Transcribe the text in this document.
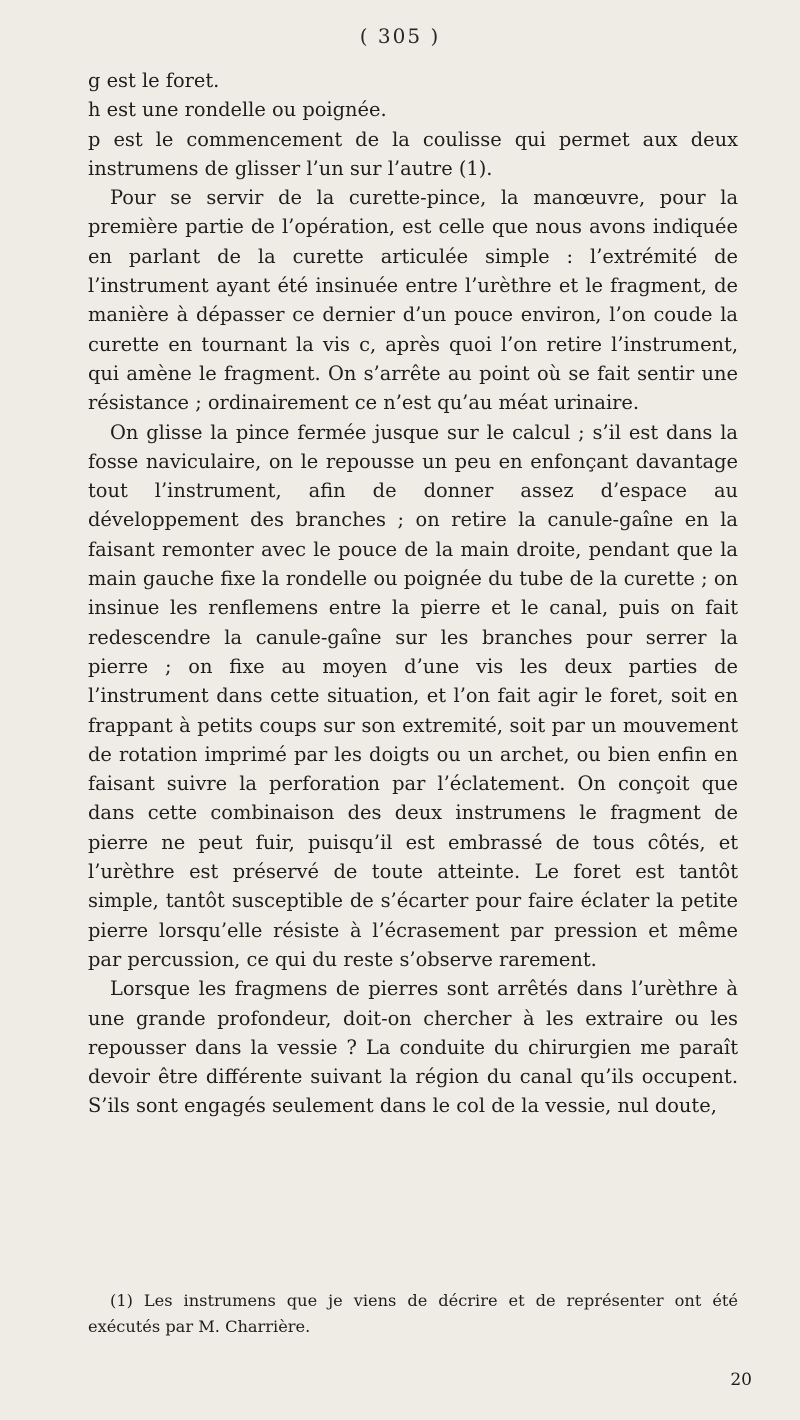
( 305 )

g est le foret.

h est une rondelle ou poignée.

p est le commencement de la coulisse qui permet aux deux instrumens de glisser l’un sur l’autre (1).

Pour se servir de la curette-pince, la manœuvre, pour la première partie de l’opération, est celle que nous avons indiquée en parlant de la curette articulée simple : l’extrémité de l’instrument ayant été insinuée entre l’urèthre et le fragment, de manière à dépasser ce dernier d’un pouce environ, l’on coude la curette en tournant la vis c, après quoi l’on retire l’instrument, qui amène le fragment. On s’arrête au point où se fait sentir une résistance ; ordinairement ce n’est qu’au méat urinaire.

On glisse la pince fermée jusque sur le calcul ; s’il est dans la fosse naviculaire, on le repousse un peu en enfonçant davantage tout l’instrument, afin de donner assez d’espace au développement des branches ; on retire la canule-gaîne en la faisant remonter avec le pouce de la main droite, pendant que la main gauche fixe la rondelle ou poignée du tube de la curette ; on insinue les renflemens entre la pierre et le canal, puis on fait redescendre la canule-gaîne sur les branches pour serrer la pierre ; on fixe au moyen d’une vis les deux parties de l’instrument dans cette situation, et l’on fait agir le foret, soit en frappant à petits coups sur son extremité, soit par un mouvement de rotation imprimé par les doigts ou un archet, ou bien enfin en faisant suivre la perforation par l’éclatement. On conçoit que dans cette combinaison des deux instrumens le fragment de pierre ne peut fuir, puisqu’il est embrassé de tous côtés, et l’urèthre est préservé de toute atteinte. Le foret est tantôt simple, tantôt susceptible de s’écarter pour faire éclater la petite pierre lorsqu’elle résiste à l’écrasement par pression et même par percussion, ce qui du reste s’observe rarement.

Lorsque les fragmens de pierres sont arrêtés dans l’urèthre à une grande profondeur, doit-on chercher à les extraire ou les repousser dans la vessie ? La conduite du chirurgien me paraît devoir être différente suivant la région du canal qu’ils occupent. S’ils sont engagés seulement dans le col de la vessie, nul doute,

(1) Les instrumens que je viens de décrire et de représenter ont été exécutés par M. Charrière.
20
